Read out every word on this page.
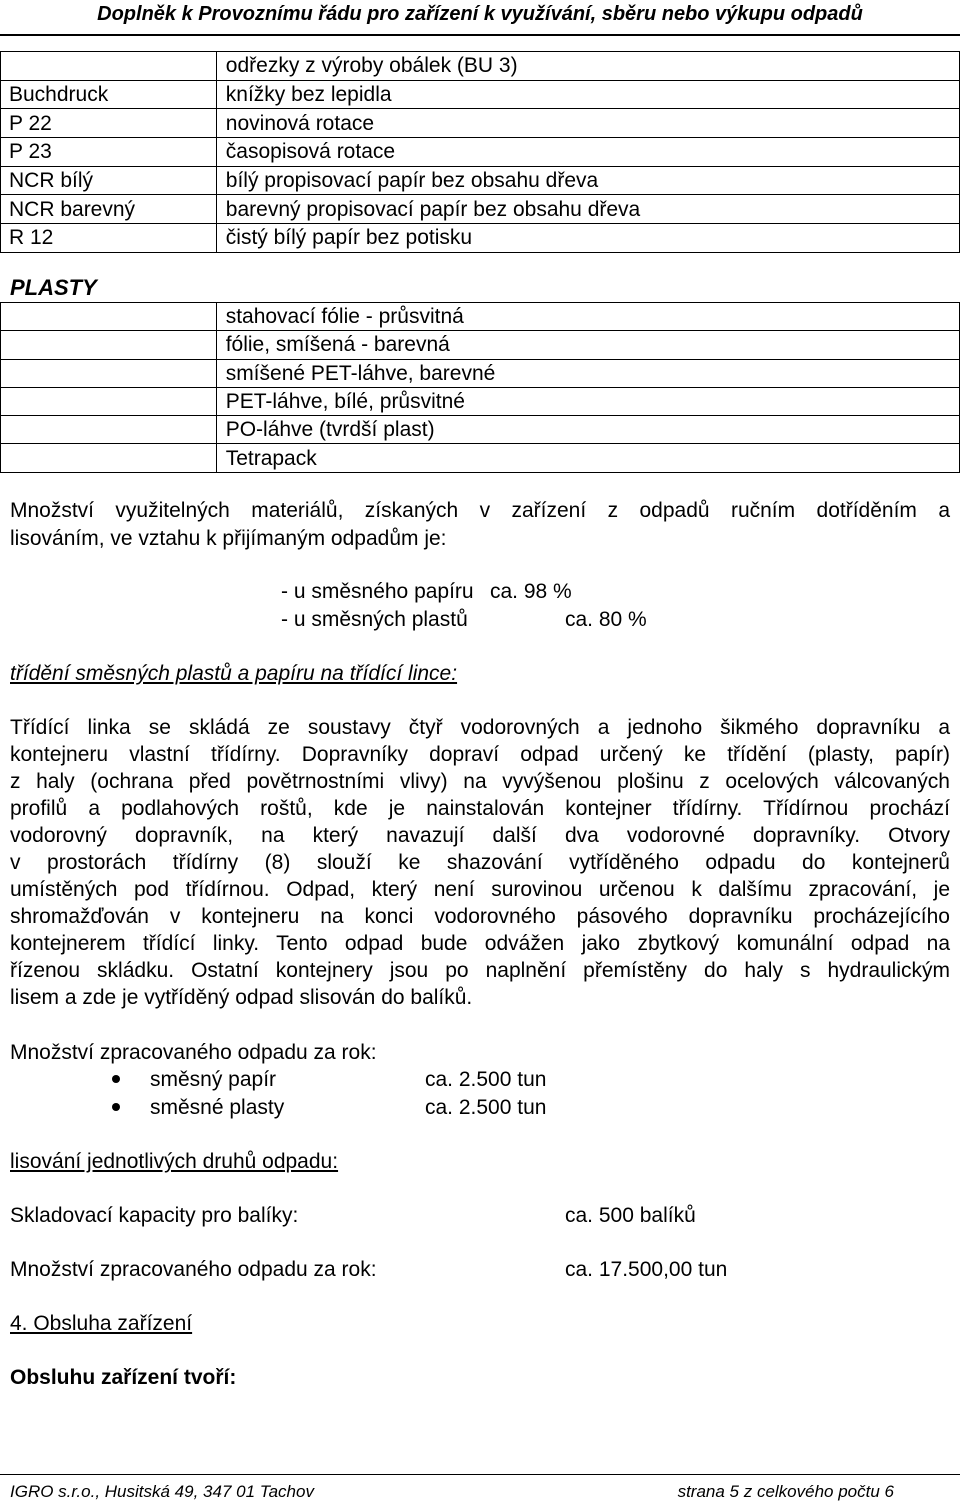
Doplněk k Provoznímu řádu pro zařízení k využívání, sběru nebo výkupu odpadů
	odřezky z výroby obálek (BU 3)
Buchdruck	knížky bez lepidla
P 22	novinová rotace
P 23	časopisová rotace
NCR bílý	bílý propisovací papír bez obsahu dřeva
NCR barevný	barevný propisovací papír bez obsahu dřeva
R 12	čistý bílý papír bez potisku
PLASTY
	stahovací fólie - průsvitná
	fólie, smíšená - barevná
	smíšené PET-láhve, barevné
	PET-láhve, bílé, průsvitné
	PO-láhve (tvrdší plast)
	Tetrapack
Množství využitelných materiálů, získaných v zařízení z odpadů ručním dotříděním a
lisováním, ve vztahu k přijímaným odpadům je:
- u směsného papíru ca. 98 %
- u směsných plastů	ca. 80 %
třídění směsných plastů a papíru na třídící lince:
Třídící linka se skládá ze soustavy čtyř vodorovných a jednoho šikmého dopravníku a
kontejneru vlastní třídírny. Dopravníky dopraví odpad určený ke třídění (plasty, papír)
z haly (ochrana před povětrnostními vlivy) na vyvýšenou plošinu z ocelových válcovaných
profilů a podlahových roštů, kde je nainstalován kontejner třídírny. Třídírnou prochází
vodorovný dopravník, na který navazují další dva vodorovné dopravníky. Otvory
v prostorách třídírny (8) slouží ke shazování vytříděného odpadu do kontejnerů
umístěných pod třídírnou. Odpad, který není surovinou určenou k dalšímu zpracování, je
shromažďován v kontejneru na konci vodorovného pásového dopravníku procházejícího
kontejnerem třídící linky. Tento odpad bude odvážen jako zbytkový komunální odpad na
řízenou skládku. Ostatní kontejnery jsou po naplnění přemístěny do haly s hydraulickým
lisem a zde je vytříděný odpad slisován do balíků.
Množství zpracovaného odpadu za rok:
směsný papír	ca. 2.500 tun
směsné plasty	ca. 2.500 tun
lisování jednotlivých druhů odpadu:
Skladovací kapacity pro balíky:	ca. 500 balíků
Množství zpracovaného odpadu za rok:	ca. 17.500,00 tun
4. Obsluha zařízení
Obsluhu zařízení tvoří:
IGRO s.r.o., Husitská 49, 347 01 Tachov	strana 5 z celkového počtu 6
